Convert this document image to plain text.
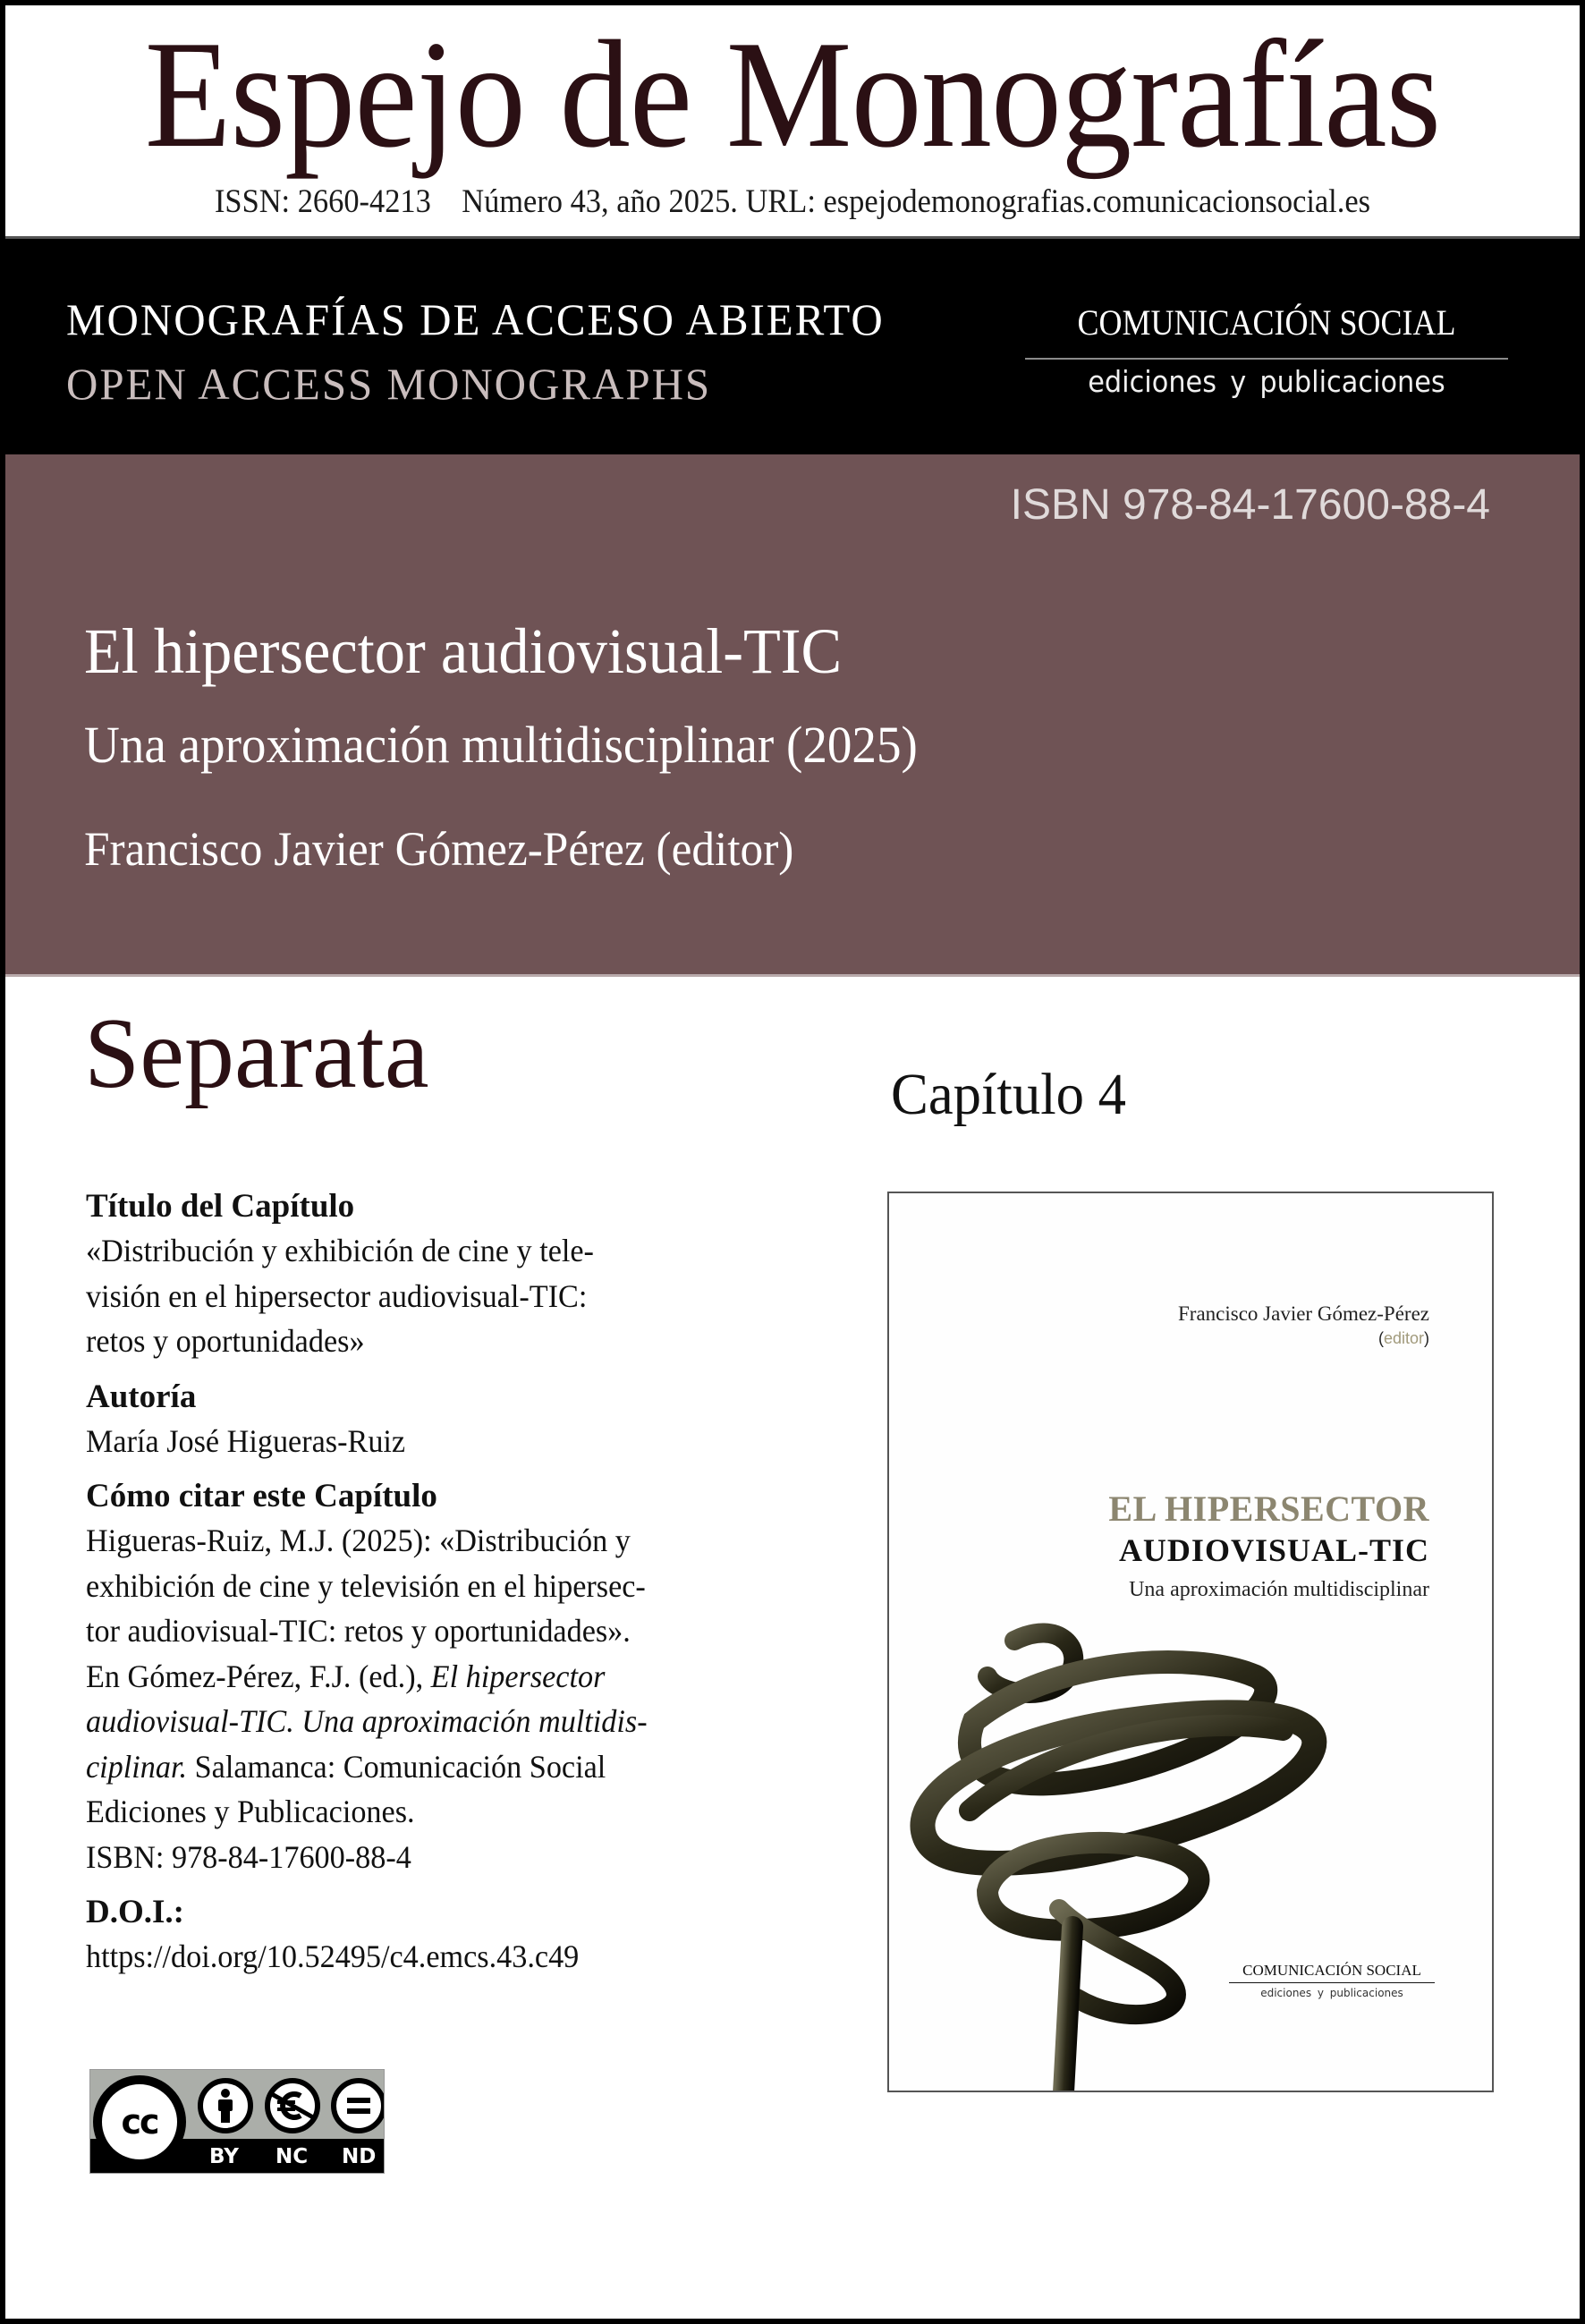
Espejo de Monografías
ISSN: 2660-4213    Número 43, año 2025. URL: espejodemonografias.comunicacionsocial.es
MONOGRAFÍAS DE ACCESO ABIERTO
OPEN ACCESS MONOGRAPHS
COMUNICACIÓN SOCIAL
ediciones y publicaciones
ISBN 978-84-17600-88-4
El hipersector audiovisual-TIC
Una aproximación multidisciplinar (2025)
Francisco Javier Gómez-Pérez (editor)
Separata
Título del Capítulo
«Distribución y exhibición de cine y tele-
visión en el hipersector audiovisual-TIC:
retos y oportunidades»
Autoría
María José Higueras-Ruiz
Cómo citar este Capítulo
Higueras-Ruiz, M.J. (2025): «Distribución y
exhibición de cine y televisión en el hipersec-
tor audiovisual-TIC: retos y oportunidades».
En Gómez-Pérez, F.J. (ed.), El hipersector
audiovisual-TIC. Una aproximación multidis-
ciplinar. Salamanca: Comunicación Social
Ediciones y Publicaciones.
ISBN: 978-84-17600-88-4
D.O.I.:
https://doi.org/10.52495/c4.emcs.43.c49
cc
BY NC ND
Capítulo 4
Francisco Javier Gómez-Pérez
(editor)
EL HIPERSECTOR
AUDIOVISUAL-TIC
Una aproximación multidisciplinar
COMUNICACIÓN SOCIAL
ediciones y publicaciones
